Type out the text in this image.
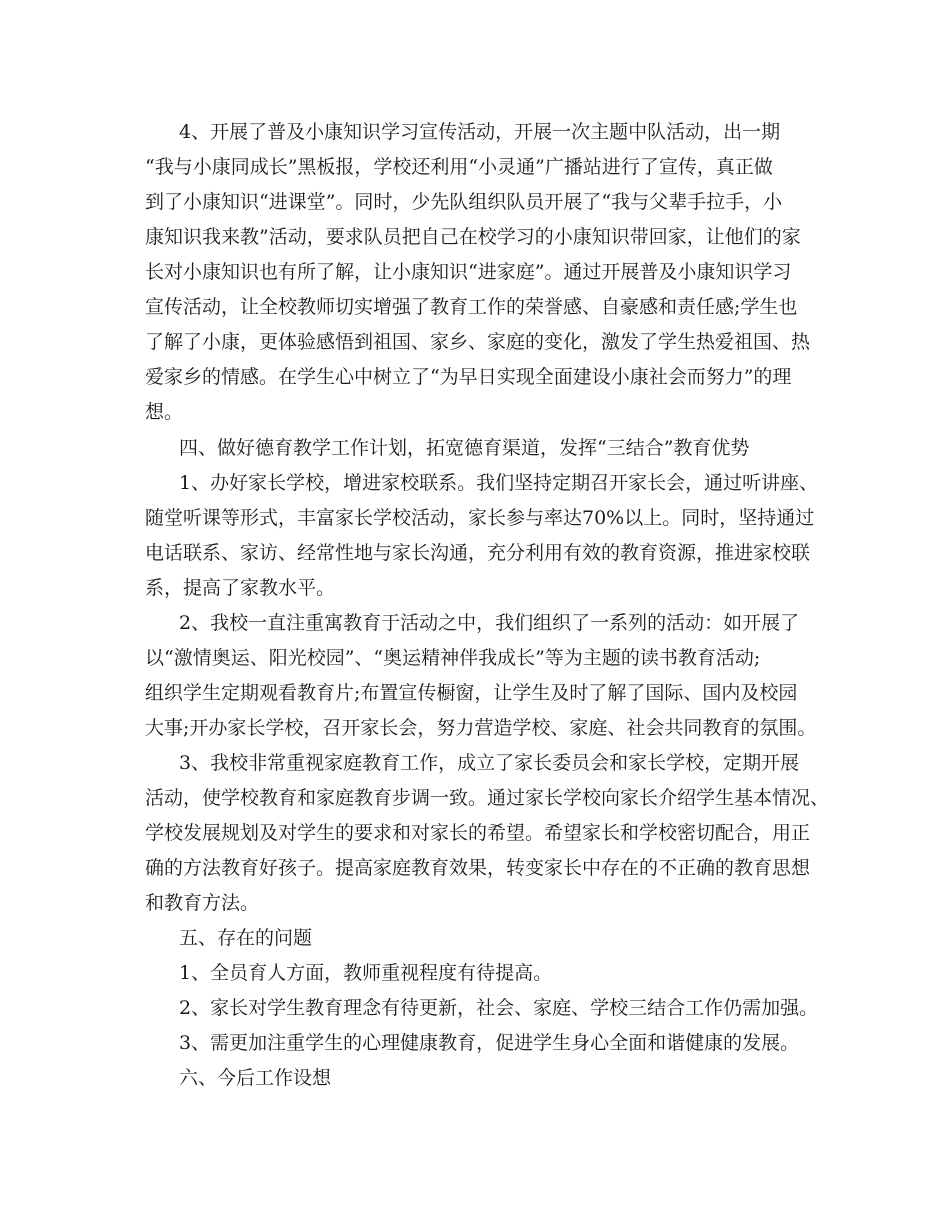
4、开展了普及小康知识学习宣传活动，开展一次主题中队活动，出一期

“我与小康同成长”黑板报，学校还利用“小灵通”广播站进行了宣传，真正做

到了小康知识“进课堂”。同时，少先队组织队员开展了“我与父辈手拉手，小

康知识我来教”活动，要求队员把自己在校学习的小康知识带回家，让他们的家

长对小康知识也有所了解，让小康知识“进家庭”。通过开展普及小康知识学习

宣传活动，让全校教师切实增强了教育工作的荣誉感、自豪感和责任感;学生也

了解了小康，更体验感悟到祖国、家乡、家庭的变化，激发了学生热爱祖国、热

爱家乡的情感。在学生心中树立了“为早日实现全面建设小康社会而努力”的理

想。

四、做好德育教学工作计划，拓宽德育渠道，发挥“三结合”教育优势

1、办好家长学校，增进家校联系。我们坚持定期召开家长会，通过听讲座、

随堂听课等形式，丰富家长学校活动，家长参与率达70%以上。同时，坚持通过

电话联系、家访、经常性地与家长沟通，充分利用有效的教育资源，推进家校联

系，提高了家教水平。

2、我校一直注重寓教育于活动之中，我们组织了一系列的活动：如开展了

以“激情奥运、阳光校园”、“奥运精神伴我成长”等为主题的读书教育活动;

组织学生定期观看教育片;布置宣传橱窗，让学生及时了解了国际、国内及校园

大事;开办家长学校，召开家长会，努力营造学校、家庭、社会共同教育的氛围。

3、我校非常重视家庭教育工作，成立了家长委员会和家长学校，定期开展

活动，使学校教育和家庭教育步调一致。通过家长学校向家长介绍学生基本情况、

学校发展规划及对学生的要求和对家长的希望。希望家长和学校密切配合，用正

确的方法教育好孩子。提高家庭教育效果，转变家长中存在的不正确的教育思想

和教育方法。

五、存在的问题

1、全员育人方面，教师重视程度有待提高。

2、家长对学生教育理念有待更新，社会、家庭、学校三结合工作仍需加强。

3、需更加注重学生的心理健康教育，促进学生身心全面和谐健康的发展。

六、今后工作设想
